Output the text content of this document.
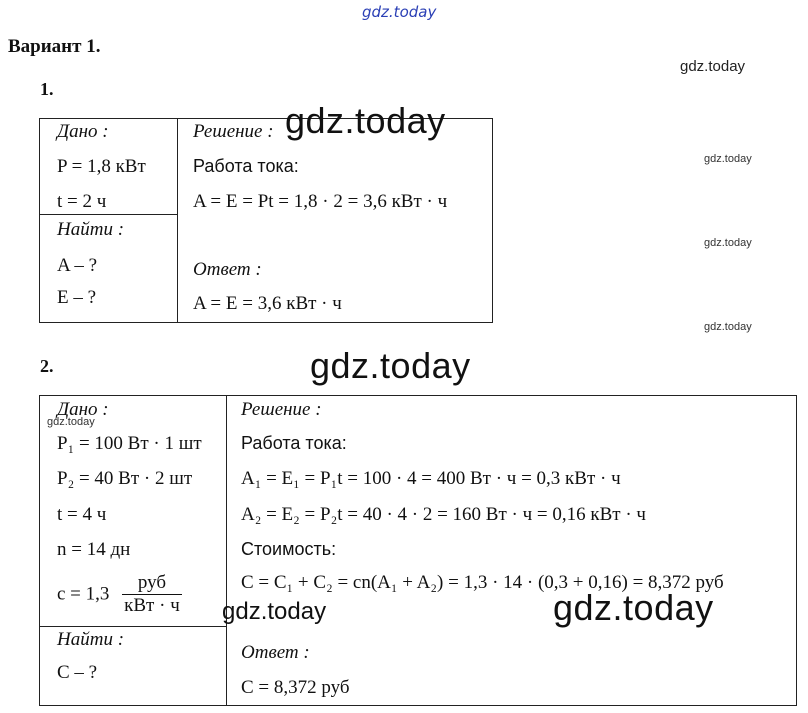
gdz.today
Вариант 1.
gdz.today
gdz.today
gdz.today
gdz.today
1.
Дано :
P = 1,8 кВт
t = 2 ч
Найти :
A – ?
E – ?
Решение :
Работа тока:
A = E = Pt = 1,8 · 2 = 3,6 кВт · ч
Ответ :
A = E = 3,6 кВт · ч
gdz.today
2.	gdz.today
Дано :
gdz.today
P₁ = 100 Вт · 1 шт
P₂ = 40 Вт · 2 шт
t = 4 ч
n = 14 дн
$c = 1,3 \frac{\text{руб}}{\text{кВт · ч}}$
Найти :
C – ?
Решение :
Работа тока:
A₁ = E₁ = P₁t = 100 · 4 = 400 Вт · ч = 0,3 кВт · ч
A₂ = E₂ = P₂t = 40 · 4 · 2 = 160 Вт · ч = 0,16 кВт · ч
Стоимость:
C = C₁ + C₂ = cn(A₁ + A₂) = 1,3 · 14 · (0,3 + 0,16) = 8,372 руб
Ответ :
C = 8,372 руб
gdz.today	gdz.today
